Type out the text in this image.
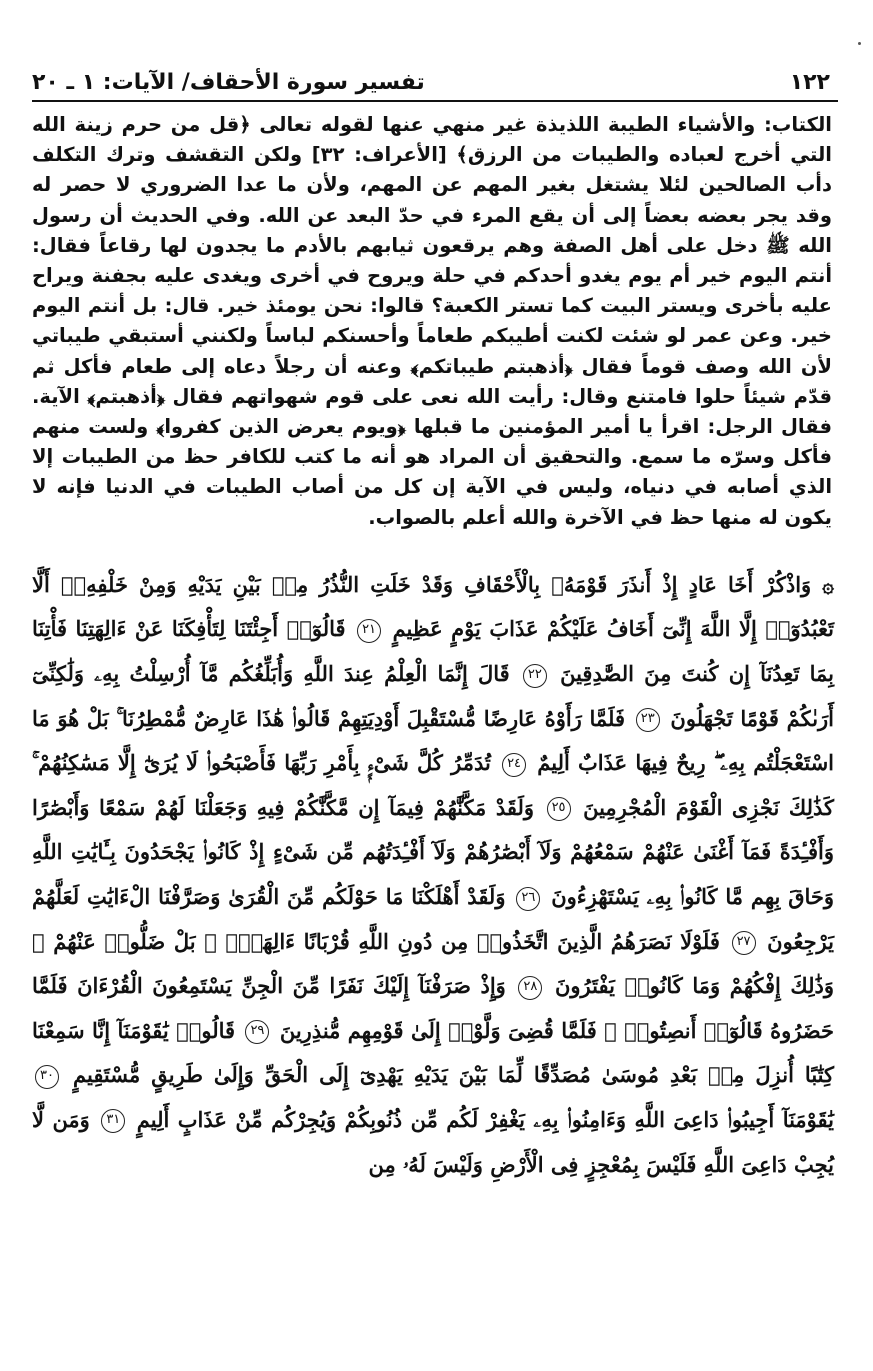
١٢٢
تفسير سورة الأحقاف/ الآيات: ١ ـ ٢٠

الكتاب: والأشياء الطيبة اللذيذة غير منهي عنها لقوله تعالى ﴿قل من حرم زينة الله التي أخرج لعباده والطيبات من الرزق﴾ [الأعراف: ٣٢] ولكن التقشف وترك التكلف دأب الصالحين لئلا يشتغل بغير المهم عن المهم، ولأن ما عدا الضروري لا حصر له وقد يجر بعضه بعضاً إلى أن يقع المرء في حدّ البعد عن الله. وفي الحديث أن رسول الله ﷺ دخل على أهل الصفة وهم يرقعون ثيابهم بالأدم ما يجدون لها رقاعاً فقال: أنتم اليوم خير أم يوم يغدو أحدكم في حلة ويروح في أخرى ويغدى عليه بجفنة ويراح عليه بأخرى ويستر البيت كما تستر الكعبة؟ قالوا: نحن يومئذ خير. قال: بل أنتم اليوم خير. وعن عمر لو شئت لكنت أطيبكم طعاماً وأحسنكم لباساً ولكنني أستبقي طيباتي لأن الله وصف قوماً فقال ﴿أذهبتم طيباتكم﴾ وعنه أن رجلاً دعاه إلى طعام فأكل ثم قدّم شيئاً حلوا فامتنع وقال: رأيت الله نعى على قوم شهواتهم فقال ﴿أذهبتم﴾ الآية. فقال الرجل: اقرأ يا أمير المؤمنين ما قبلها ﴿ويوم يعرض الذين كفروا﴾ ولست منهم فأكل وسرّه ما سمع. والتحقيق أن المراد هو أنه ما كتب للكافر حظ من الطيبات إلا الذي أصابه في دنياه، وليس في الآية إن كل من أصاب الطيبات في الدنيا فإنه لا يكون له منها حظ في الآخرة والله أعلم بالصواب.

۞ وَاذْكُرْ أَخَا عَادٍ إِذْ أَنذَرَ قَوْمَهُۥ بِالْأَحْقَافِ وَقَدْ خَلَتِ النُّذُرُ مِنۢ بَيْنِ يَدَيْهِ وَمِنْ خَلْفِهِۦٓ أَلَّا تَعْبُدُوٓا۟ إِلَّا اللَّهَ إِنِّىٓ أَخَافُ عَلَيْكُمْ عَذَابَ يَوْمٍ عَظِيمٍ ٢١ قَالُوٓا۟ أَجِئْتَنَا لِتَأْفِكَنَا عَنْ ءَالِهَتِنَا فَأْتِنَا بِمَا تَعِدُنَآ إِن كُنتَ مِنَ الصَّٰدِقِينَ ٢٢ قَالَ إِنَّمَا الْعِلْمُ عِندَ اللَّهِ وَأُبَلِّغُكُم مَّآ أُرْسِلْتُ بِهِۦ وَلَٰكِنِّىٓ أَرَىٰكُمْ قَوْمًا تَجْهَلُونَ ٢٣ فَلَمَّا رَأَوْهُ عَارِضًا مُّسْتَقْبِلَ أَوْدِيَتِهِمْ قَالُوا۟ هَٰذَا عَارِضٌ مُّمْطِرُنَا ۚ بَلْ هُوَ مَا اسْتَعْجَلْتُم بِهِۦ ۖ رِيحٌ فِيهَا عَذَابٌ أَلِيمٌ ٢٤ تُدَمِّرُ كُلَّ شَىْءٍۭ بِأَمْرِ رَبِّهَا فَأَصْبَحُوا۟ لَا يُرَىٰٓ إِلَّا مَسَٰكِنُهُمْ ۚ كَذَٰلِكَ نَجْزِى الْقَوْمَ الْمُجْرِمِينَ ٢٥ وَلَقَدْ مَكَّنَّٰهُمْ فِيمَآ إِن مَّكَّنَّٰكُمْ فِيهِ وَجَعَلْنَا لَهُمْ سَمْعًا وَأَبْصَٰرًا وَأَفْـِٔدَةً فَمَآ أَغْنَىٰ عَنْهُمْ سَمْعُهُمْ وَلَآ أَبْصَٰرُهُمْ وَلَآ أَفْـِٔدَتُهُم مِّن شَىْءٍ إِذْ كَانُوا۟ يَجْحَدُونَ بِـَٔايَٰتِ اللَّهِ وَحَاقَ بِهِم مَّا كَانُوا۟ بِهِۦ يَسْتَهْزِءُونَ ٢٦ وَلَقَدْ أَهْلَكْنَا مَا حَوْلَكُم مِّنَ الْقُرَىٰ وَصَرَّفْنَا الْءَايَٰتِ لَعَلَّهُمْ يَرْجِعُونَ ٢٧ فَلَوْلَا نَصَرَهُمُ الَّذِينَ اتَّخَذُوا۟ مِن دُونِ اللَّهِ قُرْبَانًا ءَالِهَةًۢ ۖ بَلْ ضَلُّوا۟ عَنْهُمْ ۚ وَذَٰلِكَ إِفْكُهُمْ وَمَا كَانُوا۟ يَفْتَرُونَ ٢٨ وَإِذْ صَرَفْنَآ إِلَيْكَ نَفَرًا مِّنَ الْجِنِّ يَسْتَمِعُونَ الْقُرْءَانَ فَلَمَّا حَضَرُوهُ قَالُوٓا۟ أَنصِتُوا۟ ۖ فَلَمَّا قُضِىَ وَلَّوْا۟ إِلَىٰ قَوْمِهِم مُّنذِرِينَ ٢٩ قَالُوا۟ يَٰقَوْمَنَآ إِنَّا سَمِعْنَا كِتَٰبًا أُنزِلَ مِنۢ بَعْدِ مُوسَىٰ مُصَدِّقًا لِّمَا بَيْنَ يَدَيْهِ يَهْدِىٓ إِلَى الْحَقِّ وَإِلَىٰ طَرِيقٍ مُّسْتَقِيمٍ ٣٠ يَٰقَوْمَنَآ أَجِيبُوا۟ دَاعِىَ اللَّهِ وَءَامِنُوا۟ بِهِۦ يَغْفِرْ لَكُم مِّن ذُنُوبِكُمْ وَيُجِرْكُم مِّنْ عَذَابٍ أَلِيمٍ ٣١ وَمَن لَّا يُجِبْ دَاعِىَ اللَّهِ فَلَيْسَ بِمُعْجِزٍ فِى الْأَرْضِ وَلَيْسَ لَهُۥ مِن
